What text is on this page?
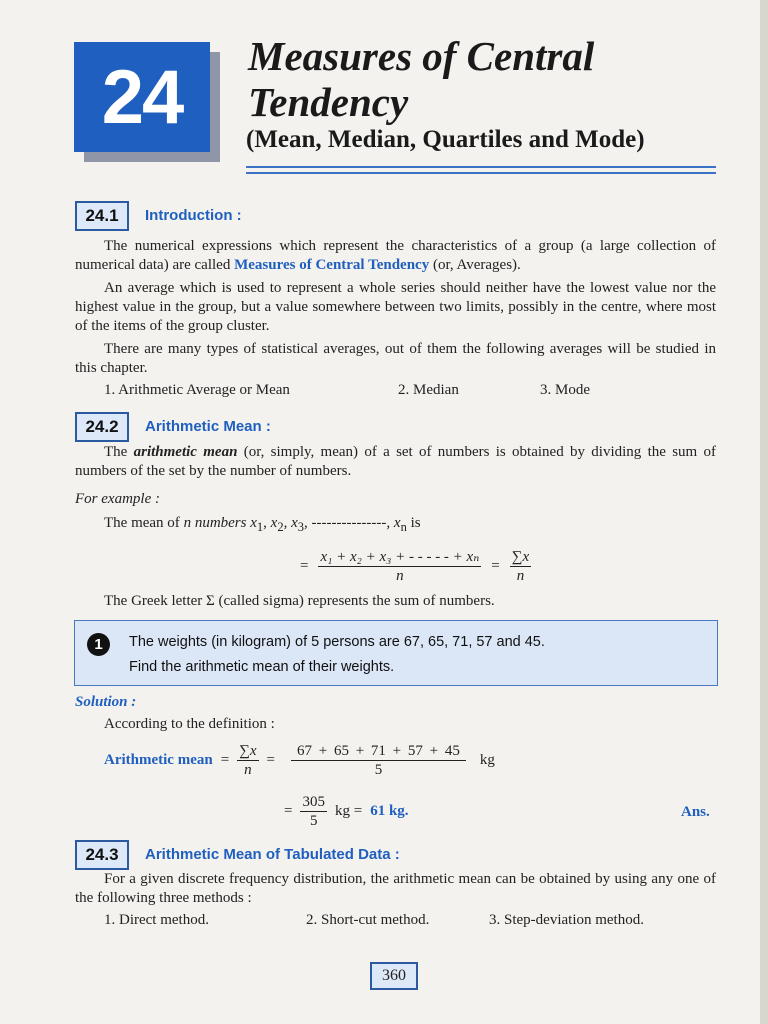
24	Measures of Central
Tendency
(Mean, Median, Quartiles and Mode)
24.1	Introduction :
The numerical expressions which represent the characteristics of a group (a large collection of numerical data) are called Measures of Central Tendency (or, Averages).
An average which is used to represent a whole series should neither have the lowest value nor the highest value in the group, but a value somewhere between two limits, possibly in the centre, where most of the items of the group cluster.
There are many types of statistical averages, out of them the following averages will be studied in this chapter.
1. Arithmetic Average or Mean	2. Median	3. Mode
24.2	Arithmetic Mean :
The arithmetic mean (or, simply, mean) of a set of numbers is obtained by dividing the sum of numbers of the set by the number of numbers.
For example :
The mean of n numbers $x_1$, $x_2$, $x_3$, ---------------, $x_n$ is
= $\frac{\text{x₁ + x₂ + x₃ + - - - - - + xₙ}}{n} = \frac{\sum x}{n}$
The Greek letter Σ (called sigma) represents the sum of numbers.
1	The weights (in kilogram) of 5 persons are 67, 65, 71, 57 and 45.
Find the arithmetic mean of their weights.
Solution :
According to the definition :
Arithmetic mean = $\frac{\sum x}{n} = \frac{67 + 65 + 71 + 57 + 45}{5}$ kg
= $\frac{305}{5}$ kg = 61 kg.	Ans.
24.3	Arithmetic Mean of Tabulated Data :
For a given discrete frequency distribution, the arithmetic mean can be obtained by using any one of the following three methods :
1. Direct method.	2. Short-cut method.	3. Step-deviation method.
360
